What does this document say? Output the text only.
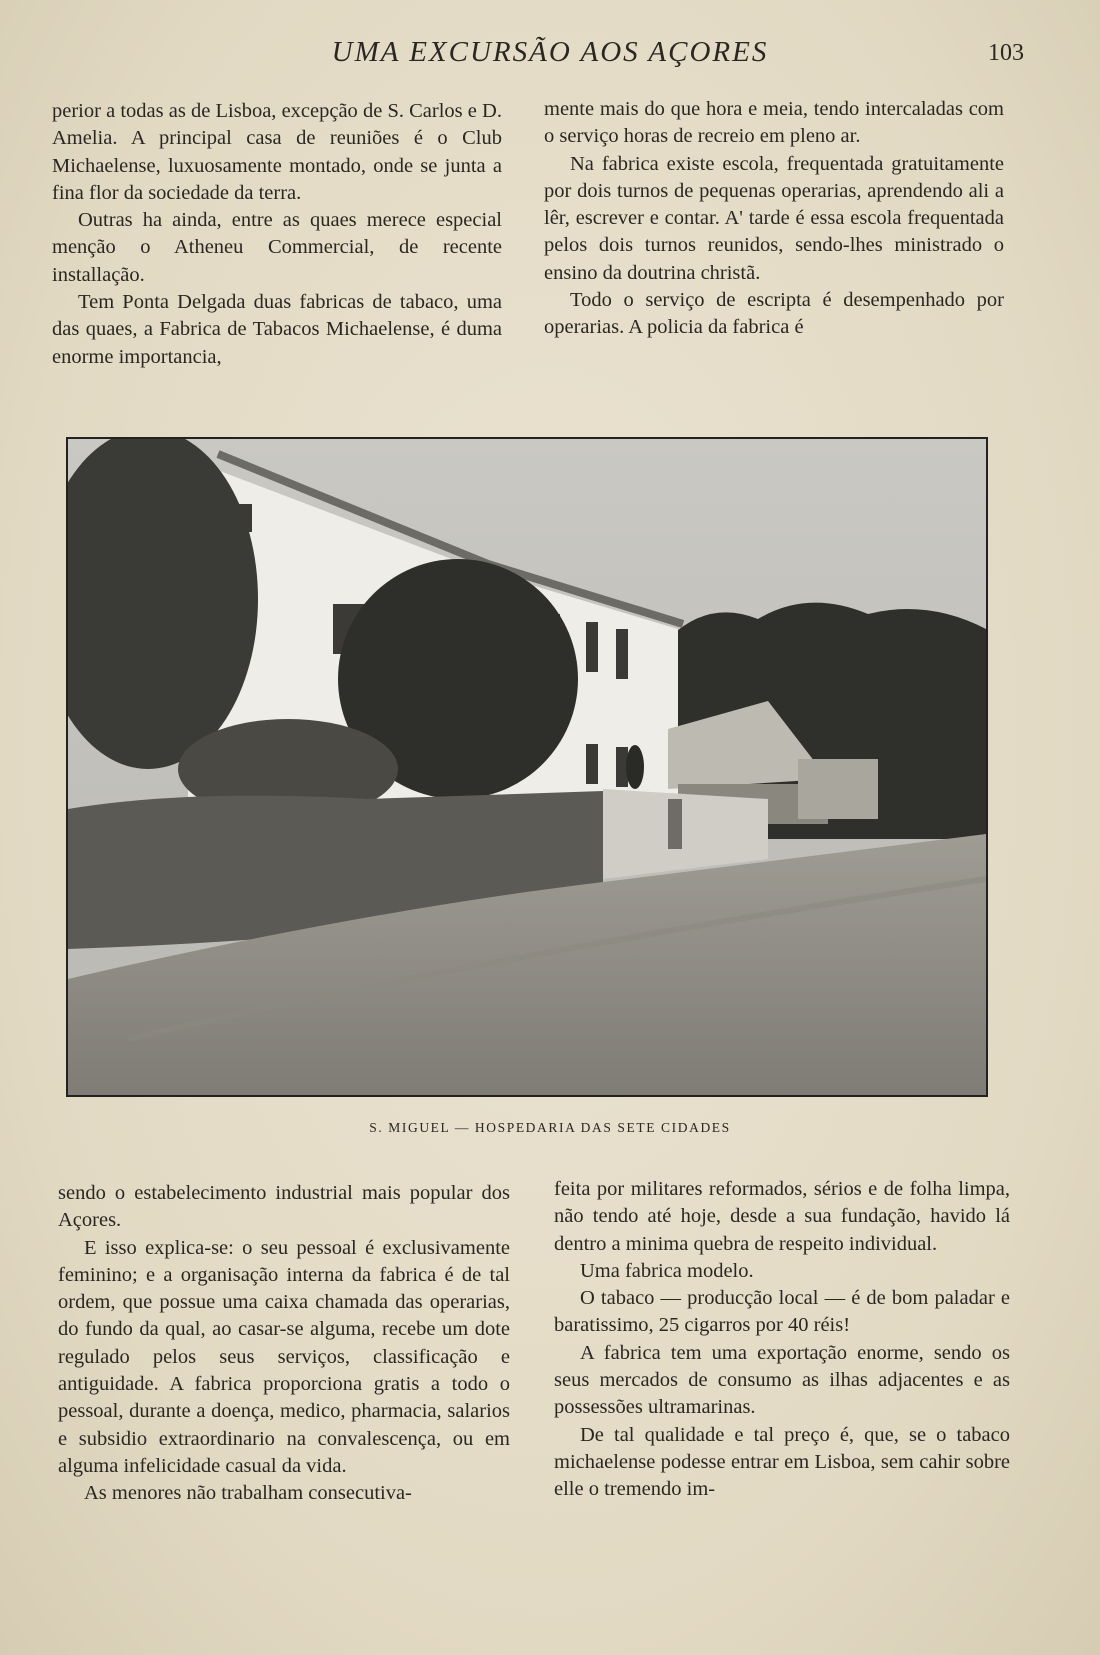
UMA EXCURSÃO AOS AÇORES	103

perior a todas as de Lisboa, excepção de S. Carlos e D. Amelia. A principal casa de reuniões é o Club Michaelense, luxuosamente montado, onde se junta a fina flor da sociedade da terra.

Outras ha ainda, entre as quaes merece especial menção o Atheneu Commercial, de recente installação.

Tem Ponta Delgada duas fabricas de tabaco, uma das quaes, a Fabrica de Tabacos Michaelense, é duma enorme importancia,

mente mais do que hora e meia, tendo intercaladas com o serviço horas de recreio em pleno ar.

Na fabrica existe escola, frequentada gratuitamente por dois turnos de pequenas operarias, aprendendo ali a lêr, escrever e contar. A' tarde é essa escola frequentada pelos dois turnos reunidos, sendo-lhes ministrado o ensino da doutrina christã.

Todo o serviço de escripta é desempenhado por operarias. A policia da fabrica é

S. MIGUEL — HOSPEDARIA DAS SETE CIDADES

sendo o estabelecimento industrial mais popular dos Açores.

E isso explica-se: o seu pessoal é exclusivamente feminino; e a organisação interna da fabrica é de tal ordem, que possue uma caixa chamada das operarias, do fundo da qual, ao casar-se alguma, recebe um dote regulado pelos seus serviços, classificação e antiguidade. A fabrica proporciona gratis a todo o pessoal, durante a doença, medico, pharmacia, salarios e subsidio extraordinario na convalescença, ou em alguma infelicidade casual da vida.

As menores não trabalham consecutiva-

feita por militares reformados, sérios e de folha limpa, não tendo até hoje, desde a sua fundação, havido lá dentro a minima quebra de respeito individual.

Uma fabrica modelo.

O tabaco — producção local — é de bom paladar e baratissimo, 25 cigarros por 40 réis!

A fabrica tem uma exportação enorme, sendo os seus mercados de consumo as ilhas adjacentes e as possessões ultramarinas.

De tal qualidade e tal preço é, que, se o tabaco michaelense podesse entrar em Lisboa, sem cahir sobre elle o tremendo im-
